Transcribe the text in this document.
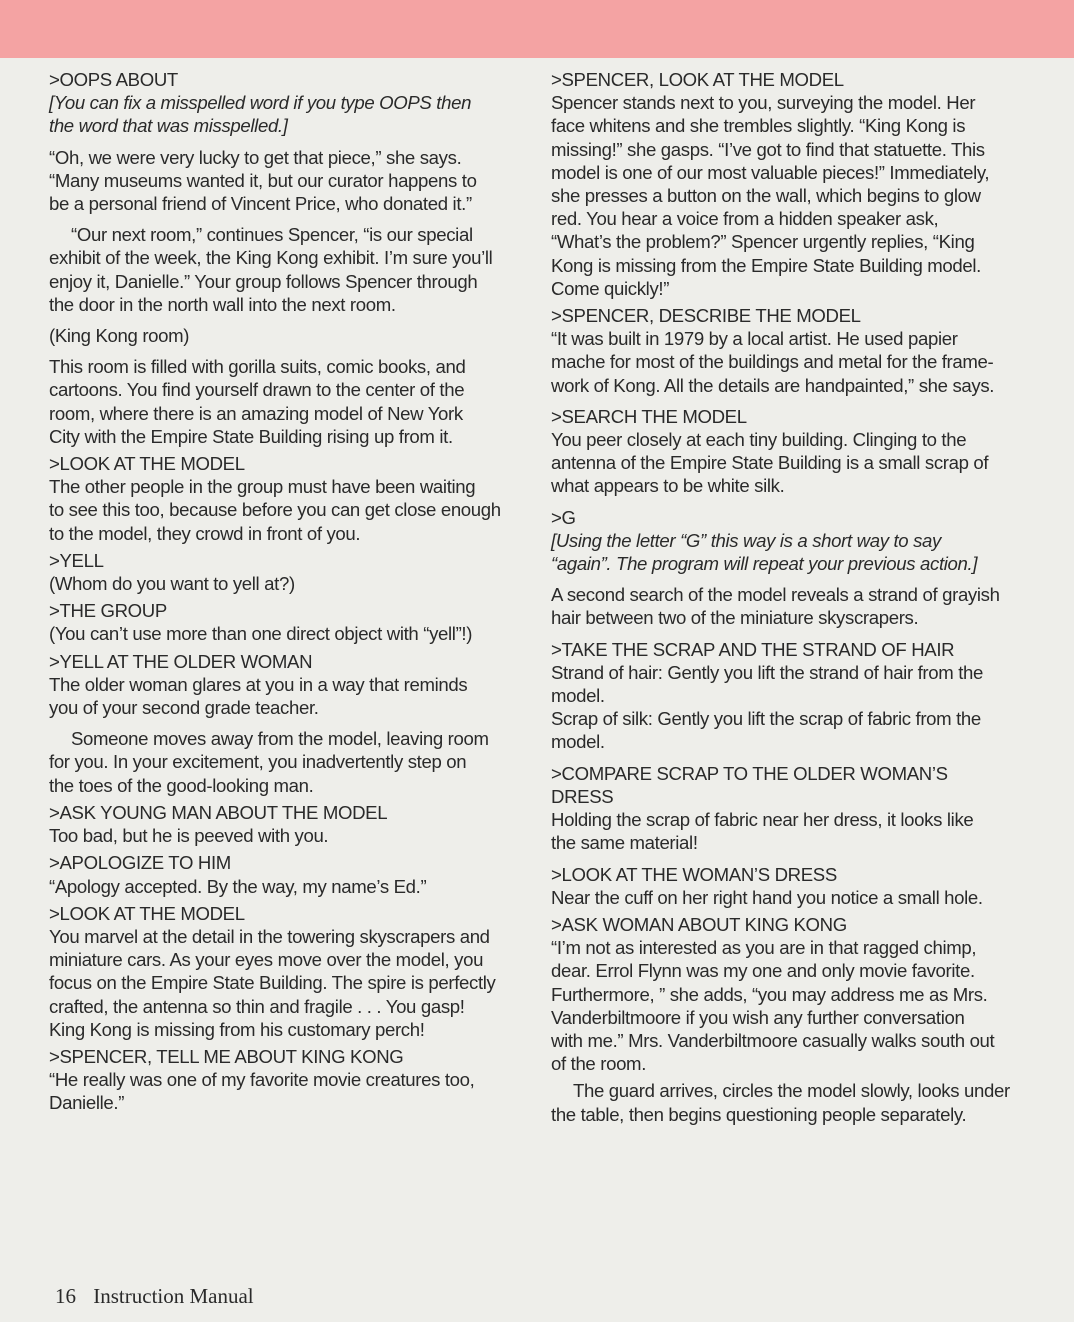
>OOPS ABOUT
[You can fix a misspelled word if you type OOPS then
the word that was misspelled.]
“Oh, we were very lucky to get that piece,” she says.
“Many museums wanted it, but our curator happens to
be a personal friend of Vincent Price, who donated it.”
“Our next room,” continues Spencer, “is our special
exhibit of the week, the King Kong exhibit. I’m sure you’ll
enjoy it, Danielle.” Your group follows Spencer through
the door in the north wall into the next room.
(King Kong room)
This room is filled with gorilla suits, comic books, and
cartoons. You find yourself drawn to the center of the
room, where there is an amazing model of New York
City with the Empire State Building rising up from it.
>LOOK AT THE MODEL
The other people in the group must have been waiting
to see this too, because before you can get close enough
to the model, they crowd in front of you.
>YELL
(Whom do you want to yell at?)
>THE GROUP
(You can’t use more than one direct object with “yell”!)
>YELL AT THE OLDER WOMAN
The older woman glares at you in a way that reminds
you of your second grade teacher.
Someone moves away from the model, leaving room
for you. In your excitement, you inadvertently step on
the toes of the good-looking man.
>ASK YOUNG MAN ABOUT THE MODEL
Too bad, but he is peeved with you.
>APOLOGIZE TO HIM
“Apology accepted. By the way, my name’s Ed.”
>LOOK AT THE MODEL
You marvel at the detail in the towering skyscrapers and
miniature cars. As your eyes move over the model, you
focus on the Empire State Building. The spire is perfectly
crafted, the antenna so thin and fragile . . . You gasp!
King Kong is missing from his customary perch!
>SPENCER, TELL ME ABOUT KING KONG
“He really was one of my favorite movie creatures too,
Danielle.”
>SPENCER, LOOK AT THE MODEL
Spencer stands next to you, surveying the model. Her
face whitens and she trembles slightly. “King Kong is
missing!” she gasps. “I’ve got to find that statuette. This
model is one of our most valuable pieces!” Immediately,
she presses a button on the wall, which begins to glow
red. You hear a voice from a hidden speaker ask,
“What’s the problem?” Spencer urgently replies, “King
Kong is missing from the Empire State Building model.
Come quickly!”
>SPENCER, DESCRIBE THE MODEL
“It was built in 1979 by a local artist. He used papier
mache for most of the buildings and metal for the frame-
work of Kong. All the details are handpainted,” she says.
>SEARCH THE MODEL
You peer closely at each tiny building. Clinging to the
antenna of the Empire State Building is a small scrap of
what appears to be white silk.
>G
[Using the letter “G” this way is a short way to say
“again”. The program will repeat your previous action.]
A second search of the model reveals a strand of grayish
hair between two of the miniature skyscrapers.
>TAKE THE SCRAP AND THE STRAND OF HAIR
Strand of hair: Gently you lift the strand of hair from the
model.
Scrap of silk: Gently you lift the scrap of fabric from the
model.
>COMPARE SCRAP TO THE OLDER WOMAN’S
DRESS
Holding the scrap of fabric near her dress, it looks like
the same material!
>LOOK AT THE WOMAN’S DRESS
Near the cuff on her right hand you notice a small hole.
>ASK WOMAN ABOUT KING KONG
“I’m not as interested as you are in that ragged chimp,
dear. Errol Flynn was my one and only movie favorite.
Furthermore, ” she adds, “you may address me as Mrs.
Vanderbiltmoore if you wish any further conversation
with me.” Mrs. Vanderbiltmoore casually walks south out
of the room.
The guard arrives, circles the model slowly, looks under
the table, then begins questioning people separately.
16 Instruction Manual
